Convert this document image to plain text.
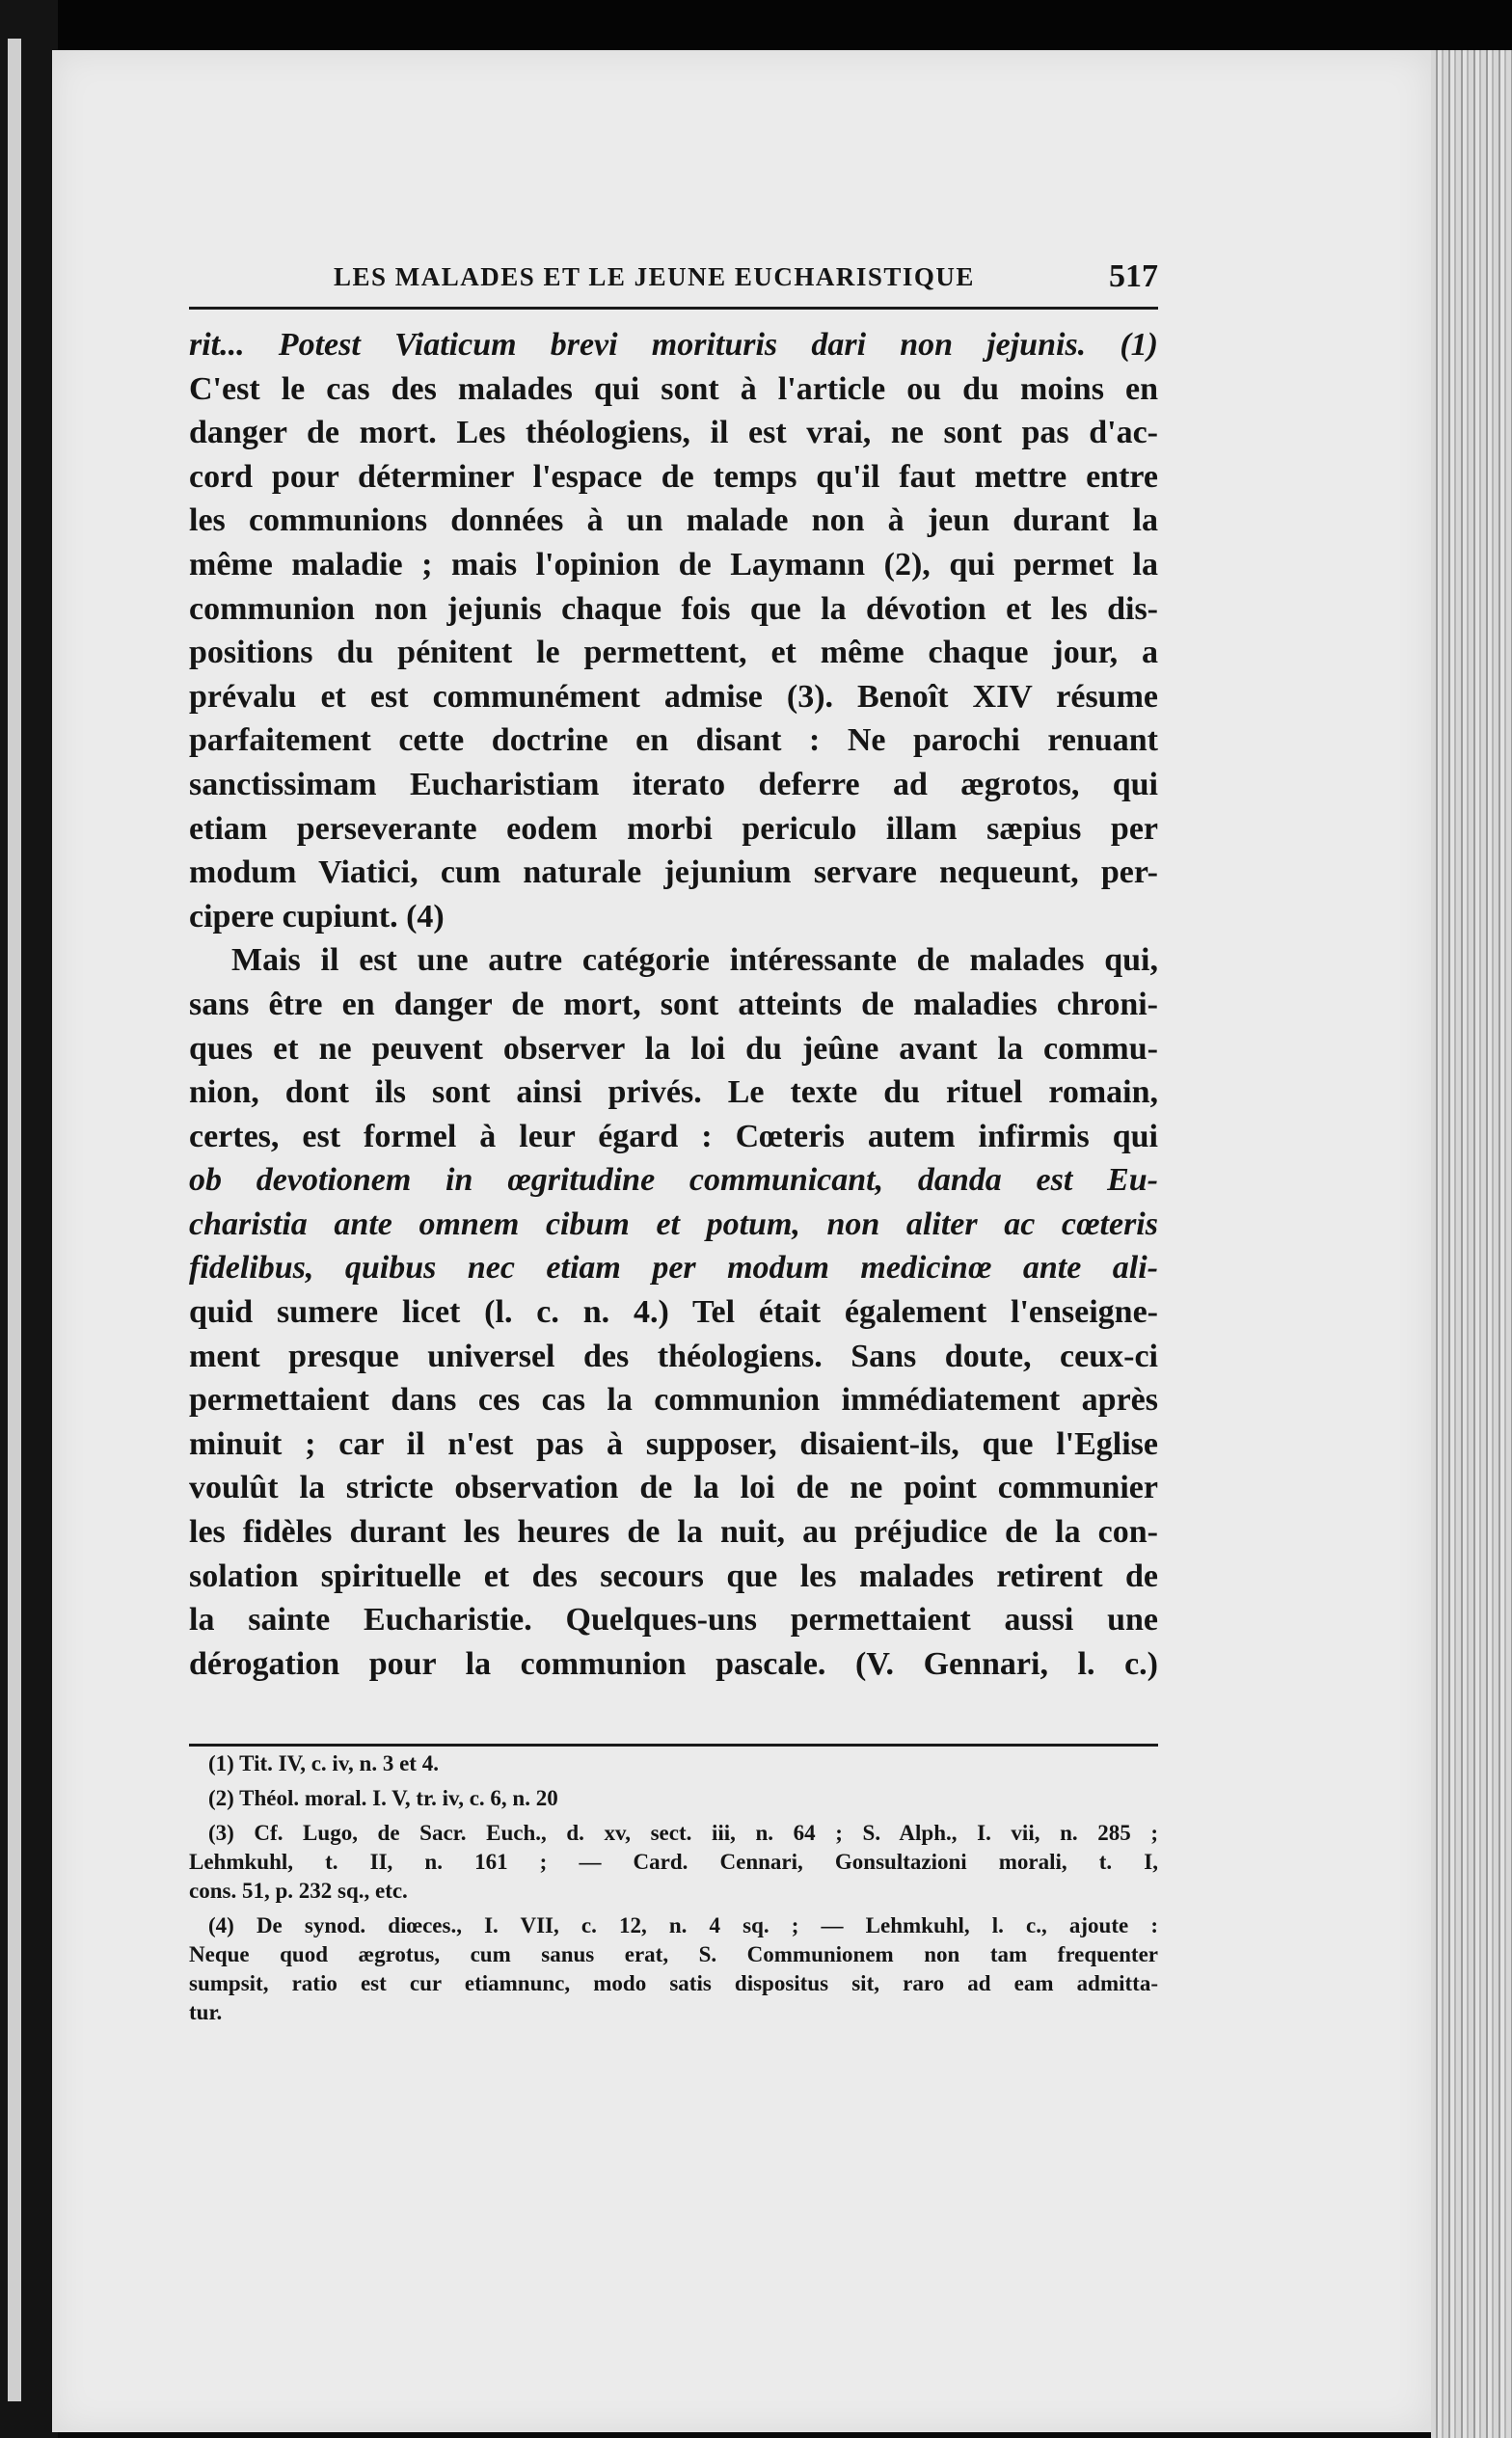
LES MALADES ET LE JEUNE EUCHARISTIQUE	517
rit... Potest Viaticum brevi morituris dari non jejunis. (1)
C'est le cas des malades qui sont à l'article ou du moins en
danger de mort. Les théologiens, il est vrai, ne sont pas d'ac-
cord pour déterminer l'espace de temps qu'il faut mettre entre
les communions données à un malade non à jeun durant la
même maladie ; mais l'opinion de Laymann (2), qui permet la
communion non jejunis chaque fois que la dévotion et les dis-
positions du pénitent le permettent, et même chaque jour, a
prévalu et est communément admise (3). Benoît XIV résume
parfaitement cette doctrine en disant : Ne parochi renuant
sanctissimam Eucharistiam iterato deferre ad ægrotos, qui
etiam perseverante eodem morbi periculo illam sæpius per
modum Viatici, cum naturale jejunium servare nequeunt, per-
cipere cupiunt. (4)
Mais il est une autre catégorie intéressante de malades qui,
sans être en danger de mort, sont atteints de maladies chroni-
ques et ne peuvent observer la loi du jeûne avant la commu-
nion, dont ils sont ainsi privés. Le texte du rituel romain,
certes, est formel à leur égard : Cœteris autem infirmis qui
ob devotionem in œgritudine communicant, danda est Eu-
charistia ante omnem cibum et potum, non aliter ac cœteris
fidelibus, quibus nec etiam per modum medicinœ ante ali-
quid sumere licet (l. c. n. 4.) Tel était également l'enseigne-
ment presque universel des théologiens. Sans doute, ceux-ci
permettaient dans ces cas la communion immédiatement après
minuit ; car il n'est pas à supposer, disaient-ils, que l'Eglise
voulût la stricte observation de la loi de ne point communier
les fidèles durant les heures de la nuit, au préjudice de la con-
solation spirituelle et des secours que les malades retirent de
la sainte Eucharistie. Quelques-uns permettaient aussi une
dérogation pour la communion pascale. (V. Gennari, l. c.)
(1) Tit. IV, c. iv, n. 3 et 4.
(2) Théol. moral. I. V, tr. iv, c. 6, n. 20
(3) Cf. Lugo, de Sacr. Euch., d. xv, sect. iii, n. 64 ; S. Alph., I. vii, n. 285 ;
Lehmkuhl, t. II, n. 161 ; — Card. Cennari, Gonsultazioni morali, t. I,
cons. 51, p. 232 sq., etc.
(4) De synod. diœces., I. VII, c. 12, n. 4 sq. ; — Lehmkuhl, l. c., ajoute :
Neque quod ægrotus, cum sanus erat, S. Communionem non tam frequenter
sumpsit, ratio est cur etiamnunc, modo satis dispositus sit, raro ad eam admitta-
tur.
